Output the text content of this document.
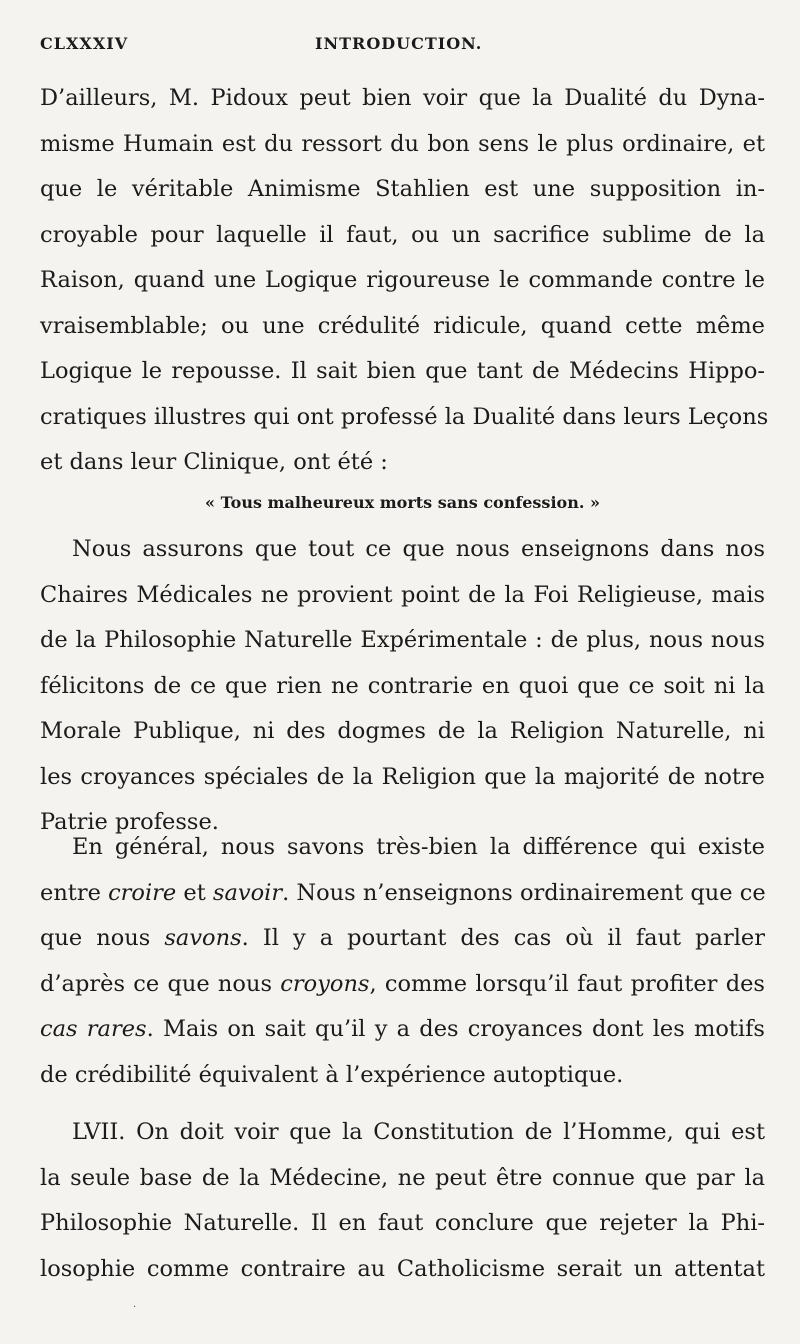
CLXXXIV	INTRODUCTION.
D’ailleurs, M. Pidoux peut bien voir que la Dualité du Dyna-
misme Humain est du ressort du bon sens le plus ordinaire, et
que le véritable Animisme Stahlien est une supposition in-
croyable pour laquelle il faut, ou un sacrifice sublime de la
Raison, quand une Logique rigoureuse le commande contre le
vraisemblable; ou une crédulité ridicule, quand cette même
Logique le repousse. Il sait bien que tant de Médecins Hippo-
cratiques illustres qui ont professé la Dualité dans leurs Leçons
et dans leur Clinique, ont été :
« Tous malheureux morts sans confession. »
Nous assurons que tout ce que nous enseignons dans nos
Chaires Médicales ne provient point de la Foi Religieuse, mais
de la Philosophie Naturelle Expérimentale : de plus, nous nous
félicitons de ce que rien ne contrarie en quoi que ce soit ni la
Morale Publique, ni des dogmes de la Religion Naturelle, ni
les croyances spéciales de la Religion que la majorité de notre
Patrie professe.
En général, nous savons très-bien la différence qui existe
entre croire et savoir. Nous n’enseignons ordinairement que ce
que nous savons. Il y a pourtant des cas où il faut parler
d’après ce que nous croyons, comme lorsqu’il faut profiter des
cas rares. Mais on sait qu’il y a des croyances dont les motifs
de crédibilité équivalent à l’expérience autoptique.
LVII. On doit voir que la Constitution de l’Homme, qui est
la seule base de la Médecine, ne peut être connue que par la
Philosophie Naturelle. Il en faut conclure que rejeter la Phi-
losophie comme contraire au Catholicisme serait un attentat
·
